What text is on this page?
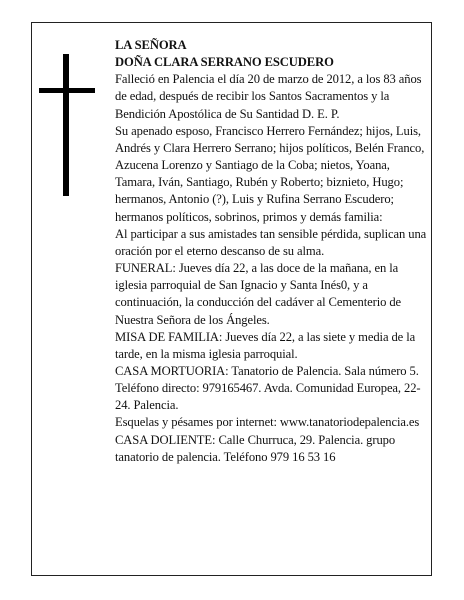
LA SEÑORA

DOÑA CLARA SERRANO ESCUDERO

Falleció en Palencia el día 20 de marzo de 2012, a los 83 años de edad, después de recibir los Santos Sacramentos y la Bendición Apostólica de Su Santidad D. E. P.

Su apenado esposo, Francisco Herrero Fernández; hijos, Luis, Andrés y Clara Herrero Serrano; hijos políticos, Belén Franco, Azucena Lorenzo y Santiago de la Coba; nietos, Yoana, Tamara, Iván, Santiago, Rubén y Roberto; biznieto, Hugo; hermanos, Antonio (?), Luis y Rufina Serrano Escudero; hermanos políticos, sobrinos, primos y demás familia:

Al participar a sus amistades tan sensible pérdida, suplican una oración por el eterno descanso de su alma.

FUNERAL: Jueves día 22, a las doce de la mañana, en la iglesia parroquial de San Ignacio y Santa Inés0, y a continuación, la conducción del cadáver al Cementerio de Nuestra Señora de los Ángeles.

MISA DE FAMILIA: Jueves día 22, a las siete y media de la tarde, en la misma iglesia parroquial.

CASA MORTUORIA: Tanatorio de Palencia. Sala número 5. Teléfono directo: 979165467. Avda. Comunidad Europea, 22-24. Palencia.

Esquelas y pésames por internet: www.tanatoriodepalencia.es

CASA DOLIENTE: Calle Churruca, 29. Palencia. grupo tanatorio de palencia. Teléfono 979 16 53 16
